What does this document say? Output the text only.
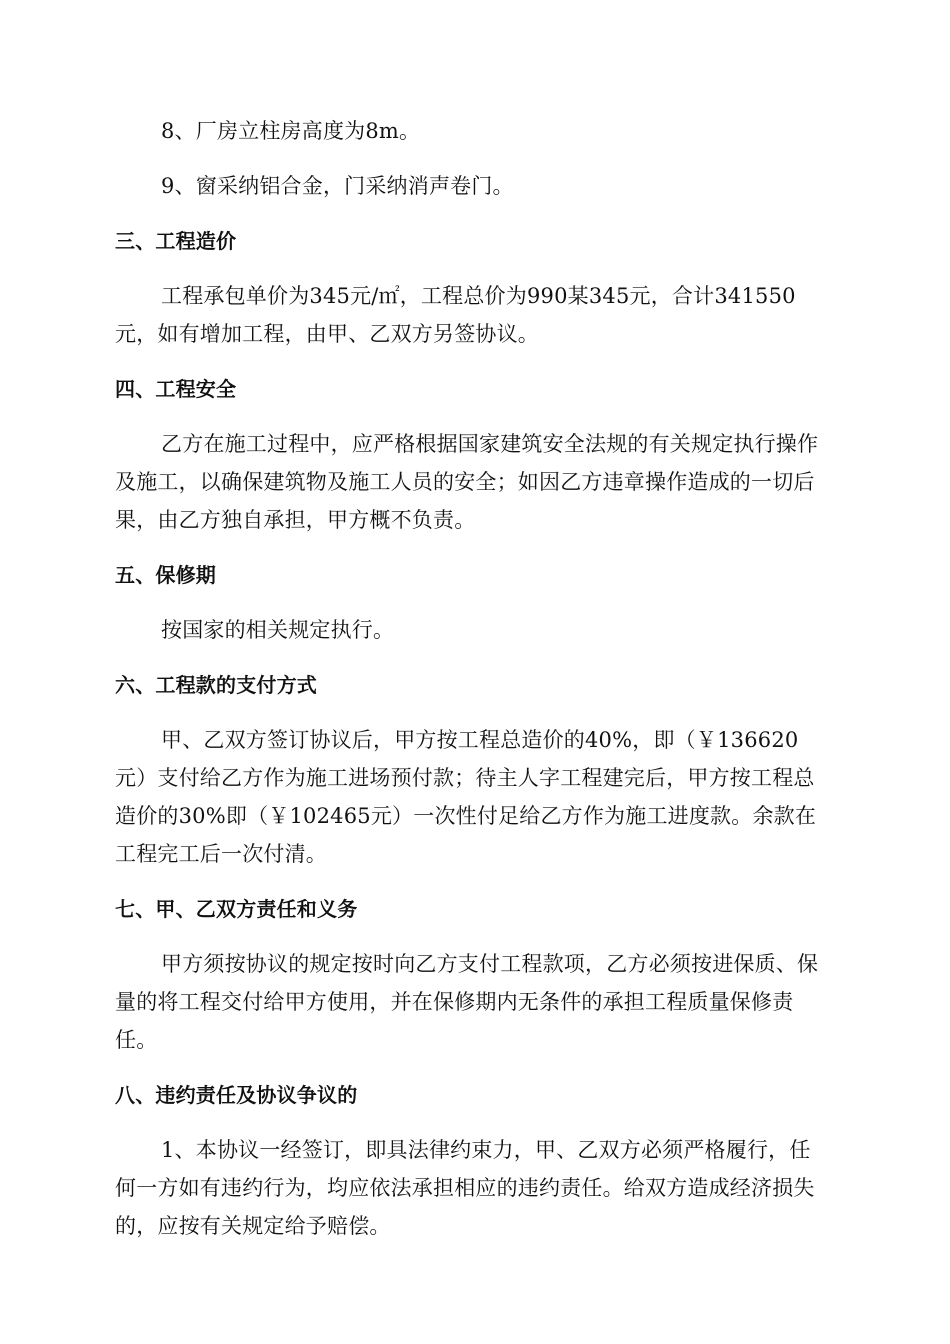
8、厂房立柱房高度为8m。

9、窗采纳铝合金，门采纳消声卷门。

三、工程造价

工程承包单价为345元/㎡，工程总价为990某345元，合计341550元，如有增加工程，由甲、乙双方另签协议。

四、工程安全

乙方在施工过程中，应严格根据国家建筑安全法规的有关规定执行操作及施工，以确保建筑物及施工人员的安全；如因乙方违章操作造成的一切后果，由乙方独自承担，甲方概不负责。

五、保修期

按国家的相关规定执行。

六、工程款的支付方式

甲、乙双方签订协议后，甲方按工程总造价的40%，即（￥136620元）支付给乙方作为施工进场预付款；待主人字工程建完后，甲方按工程总造价的30%即（￥102465元）一次性付足给乙方作为施工进度款。余款在工程完工后一次付清。

七、甲、乙双方责任和义务

甲方须按协议的规定按时向乙方支付工程款项，乙方必须按进保质、保量的将工程交付给甲方使用，并在保修期内无条件的承担工程质量保修责任。

八、违约责任及协议争议的

1、本协议一经签订，即具法律约束力，甲、乙双方必须严格履行，任何一方如有违约行为，均应依法承担相应的违约责任。给双方造成经济损失的，应按有关规定给予赔偿。
